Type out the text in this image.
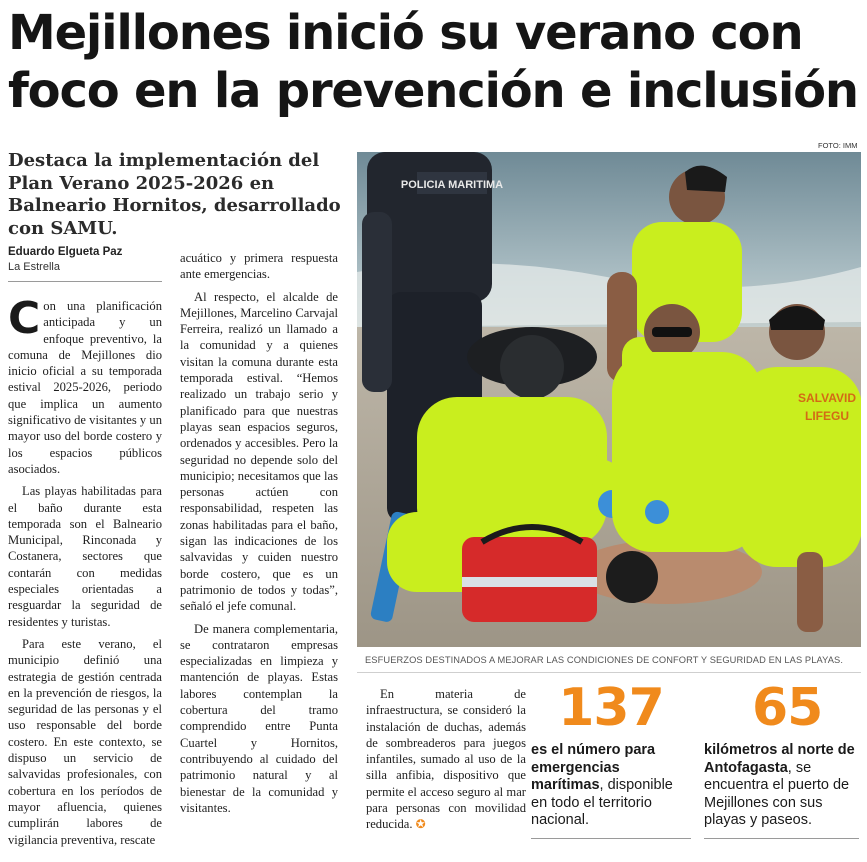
Mejillones inició su verano con foco en la prevención e inclusión

Destaca la implementación del Plan Verano 2025-2026 en Balneario Hornitos, desarrollado con SAMU.

Eduardo Elgueta Paz
La Estrella

Con una planificación anticipada y un enfoque preventivo, la comuna de Mejillones dio inicio oficial a su temporada estival 2025-2026, periodo que implica un aumento significativo de visitantes y un mayor uso del borde costero y los espacios públicos asociados.

Las playas habilitadas para el baño durante esta temporada son el Balneario Municipal, Rinconada y Costanera, sectores que contarán con medidas especiales orientadas a resguardar la seguridad de residentes y turistas.

Para este verano, el municipio definió una estrategia de gestión centrada en la prevención de riesgos, la seguridad de las personas y el uso responsable del borde costero. En este contexto, se dispuso un servicio de salvavidas profesionales, con cobertura en los períodos de mayor afluencia, quienes cumplirán labores de vigilancia preventiva, rescate

acuático y primera respuesta ante emergencias.

Al respecto, el alcalde de Mejillones, Marcelino Carvajal Ferreira, realizó un llamado a la comunidad y a quienes visitan la comuna durante esta temporada estival. “Hemos realizado un trabajo serio y planificado para que nuestras playas sean espacios seguros, ordenados y accesibles. Pero la seguridad no depende solo del municipio; necesitamos que las personas actúen con responsabilidad, respeten las zonas habilitadas para el baño, sigan las indicaciones de los salvavidas y cuiden nuestro borde costero, que es un patrimonio de todos y todas”, señaló el jefe comunal.

De manera complementaria, se contrataron empresas especializadas en limpieza y mantención de playas. Estas labores contemplan la cobertura del tramo comprendido entre Punta Cuartel y Hornitos, contribuyendo al cuidado del patrimonio natural y al bienestar de la comunidad y visitantes.

En materia de infraestructura, se consideró la instalación de duchas, además de sombreaderos para juegos infantiles, sumado al uso de la silla anfibia, dispositivo que permite el acceso seguro al mar para personas con movilidad reducida. ✪

FOTO: IMM
POLICIA MARITIMA
SALVAVID
LIFEGU
ESFUERZOS DESTINADOS A MEJORAR LAS CONDICIONES DE CONFORT Y SEGURIDAD EN LAS PLAYAS.
137
es el número para emergencias marítimas, disponible en todo el territorio nacional.
65
kilómetros al norte de Antofagasta, se encuentra el puerto de Mejillones con sus playas y paseos.
